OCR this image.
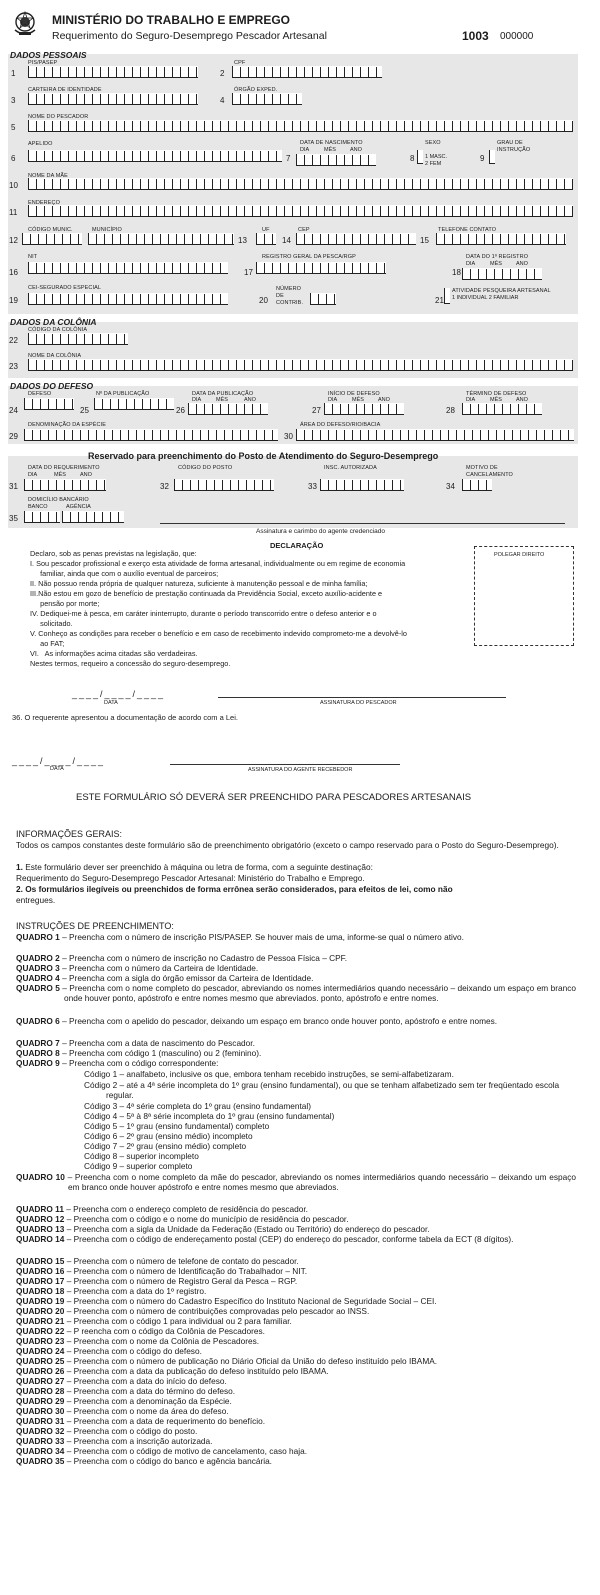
MINISTÉRIO DO TRABALHO E EMPREGO
Requerimento do Seguro-Desemprego Pescador Artesanal	1003 000000
DADOS PESSOAIS
PIS/PASEP
1
CPF
2
CARTEIRA DE IDENTIDADE
3
ÓRGÃO EXPED.
4
NOME DO PESCADOR
5
APELIDO
6
DATA DE NASCIMENTO
DIA	MÊS	ANO
7
SEXO
1 MASC.
2 FEM
8
GRAU DE
INSTRUÇÃO
9
NOME DA MÃE
10
ENDEREÇO
11
CÓDIGO MUNIC.	MUNICÍPIO
12	13
UF
14
CEP
15
TELEFONE CONTATO
NIT
16
REGISTRO GERAL DA PESCA/RGP
17
DATA DO 1º REGISTRO
DIA	MÊS	ANO
18
CEI-SEGURADO ESPECIAL
19
NÚMERO
DE
CONTRIB.
20
ATIVIDADE PESQUEIRA ARTESANAL
1 INDIVIDUAL 2 FAMILIAR
21
DADOS DA COLÔNIA
CÓDIGO DA COLÔNIA
22
NOME DA COLÔNIA
23
DADOS DO DEFESO
DEFESO
24
Nº DA PUBLICAÇÃO
25
DATA DA PUBLICAÇÃO
DIA	MÊS	ANO
26
INÍCIO DE DEFESO
DIA	MÊS	ANO
27
TÉRMINO DE DEFESO
DIA	MÊS	ANO
28
DENOMINAÇÃO DA ESPÉCIE
29
ÁREA DO DEFESO/RIO/BACIA
30
Reservado para preenchimento do Posto de Atendimento do Seguro-Desemprego
DATA DO REQUERIMENTO
DIA	MÊS	ANO
31
CÓDIGO DO POSTO
32
INSC. AUTORIZADA
33
MOTIVO DE
CANCELAMENTO
34
DOMICÍLIO BANCÁRIO
BANCO	AGÊNCIA
35
Assinatura e carimbo do agente credenciado
DECLARAÇÃO
POLEGAR DIREITO
Declaro, sob as penas previstas na legislação, que:
I. Sou pescador profissional e exerço esta atividade de forma artesanal, individualmente ou em regime de economia
familiar, ainda que com o auxílio eventual de parceiros;
II. Não possuo renda própria de qualquer natureza, suficiente à manutenção pessoal e de minha família;
III.Não estou em gozo de benefício de prestação continuada da Previdência Social, exceto auxílio-acidente e
pensão por morte;
IV. Dediquei-me à pesca, em caráter ininterrupto, durante o período transcorrido entre o defeso anterior e o
solicitado.
V. Conheço as condições para receber o benefício e em caso de recebimento indevido comprometo-me a devolvê-lo
ao FAT;
VI.   As informações acima citadas são verdadeiras.
Nestes termos, requeiro a concessão do seguro-desemprego.
____/____/____
DATA	ASSINATURA DO PESCADOR
36. O requerente apresentou a documentação de acordo com a Lei.
____/____/____
DATA	ASSINATURA DO AGENTE RECEBEDOR
ESTE FORMULÁRIO SÓ DEVERÁ SER PREENCHIDO PARA PESCADORES ARTESANAIS
INFORMAÇÕES GERAIS:
Todos os campos constantes deste formulário são de preenchimento obrigatório (exceto o campo reservado para o Posto do Seguro-Desemprego).
1. Este formulário dever ser preenchido à máquina ou letra de forma, com a seguinte destinação:
Requerimento do Seguro-Desemprego Pescador Artesanal: Ministério do Trabalho e Emprego.
2. Os formulários ilegíveis ou preenchidos de forma errônea serão considerados, para efeitos de lei, como não
entregues.
INSTRUÇÕES DE PREENCHIMENTO:
QUADRO 1 – Preencha com o número de inscrição PIS/PASEP. Se houver mais de uma, informe-se qual o número ativo.
QUADRO 2 – Preencha com o número de inscrição no Cadastro de Pessoa Física – CPF.
QUADRO 3 – Preencha com o número da Carteira de Identidade.
QUADRO 4 – Preencha com a sigla do órgão emissor da Carteira de Identidade.
QUADRO 5 – Preencha com o nome completo do pescador, abreviando os nomes intermediários quando necessário – deixando um espaço em branco onde houver ponto, apóstrofo e entre nomes mesmo que abreviados. ponto, apóstrofo e entre nomes.
QUADRO 6 – Preencha com o apelido do pescador, deixando um espaço em branco onde houver ponto, apóstrofo e entre nomes.
QUADRO 7 – Preencha com a data de nascimento do Pescador.
QUADRO 8 – Preencha com código 1 (masculino) ou 2 (feminino).
QUADRO 9 – Preencha com o código correspondente:
Código 1 – analfabeto, inclusive os que, embora tenham recebido instruções, se semi-alfabetizaram.
Código 2 – até a 4ª série incompleta do 1º grau (ensino fundamental), ou que se tenham alfabetizado sem ter freqüentado escola regular.
Código 3 – 4ª série completa do 1º grau (ensino fundamental)
Código 4 – 5ª à 8ª série incompleta do 1º grau (ensino fundamental)
Código 5 – 1º grau (ensino fundamental) completo
Código 6 – 2º grau (ensino médio) incompleto
Código 7 – 2º grau (ensino médio) completo
Código 8 – superior incompleto
Código 9 – superior completo
QUADRO 10 – Preencha com o nome completo da mãe do pescador, abreviando os nomes intermediários quando necessário – deixando um espaço em branco onde houver apóstrofo e entre nomes mesmo que abreviados.
QUADRO 11 – Preencha com o endereço completo de residência do pescador.
QUADRO 12 – Preencha com o código e o nome do município de residência do pescador.
QUADRO 13 – Preencha com a sigla da Unidade da Federação (Estado ou Território) do endereço do pescador.
QUADRO 14 – Preencha com o código de endereçamento postal (CEP) do endereço do pescador, conforme tabela da ECT (8 dígitos).
QUADRO 15 – Preencha com o número de telefone de contato do pescador.
QUADRO 16 – Preencha com o número de Identificação do Trabalhador – NIT.
QUADRO 17 – Preencha com o número de Registro Geral da Pesca – RGP.
QUADRO 18 – Preencha com a data do 1º registro.
QUADRO 19 – Preencha com o número do Cadastro Específico do Instituto Nacional de Seguridade Social – CEI.
QUADRO 20 – Preencha com o número de contribuições comprovadas pelo pescador ao INSS.
QUADRO 21 – Preencha com o código 1 para individual ou 2 para familiar.
QUADRO 22 – P reencha com o código da Colônia de Pescadores.
QUADRO 23 – Preencha com o nome da Colônia de Pescadores.
QUADRO 24 – Preencha com o código do defeso.
QUADRO 25 – Preencha com o número de publicação no Diário Oficial da União do defeso instituído pelo IBAMA.
QUADRO 26 – Preencha com a data da publicação do defeso instituído pelo IBAMA.
QUADRO 27 – Preencha com a data do início do defeso.
QUADRO 28 – Preencha com a data do término do defeso.
QUADRO 29 – Preencha com a denominação da Espécie.
QUADRO 30 – Preencha com o nome da área do defeso.
QUADRO 31 – Preencha com a data de requerimento do benefício.
QUADRO 32 – Preencha com o código do posto.
QUADRO 33 – Preencha com a inscrição autorizada.
QUADRO 34 – Preencha com o código de motivo de cancelamento, caso haja.
QUADRO 35 – Preencha com o código do banco e agência bancária.
